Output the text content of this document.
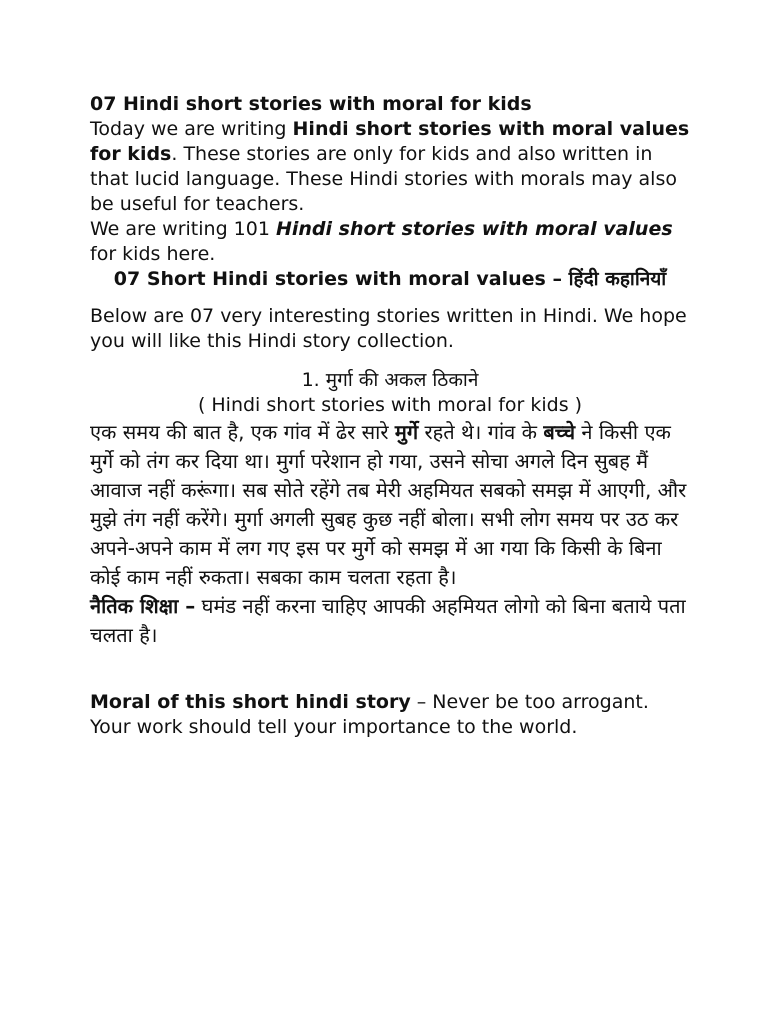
07 Hindi short stories with moral for kids

Today we are writing Hindi short stories with moral values for kids. These stories are only for kids and also written in that lucid language. These Hindi stories with morals may also be useful for teachers.

We are writing 101 Hindi short stories with moral values for kids here.

07 Short Hindi stories with moral values – हिंदी कहानियाँ

Below are 07 very interesting stories written in Hindi. We hope you will like this Hindi story collection.

1. मुर्गा की अकल ठिकाने

( Hindi short stories with moral for kids )

एक समय की बात है, एक गांव में ढेर सारे मुर्गे रहते थे। गांव के बच्चे ने किसी एक मुर्गे को तंग कर दिया था। मुर्गा परेशान हो गया, उसने सोचा अगले दिन सुबह मैं आवाज नहीं करूंगा। सब सोते रहेंगे तब मेरी अहमियत सबको समझ में आएगी, और मुझे तंग नहीं करेंगे। मुर्गा अगली सुबह कुछ नहीं बोला। सभी लोग समय पर उठ कर अपने-अपने काम में लग गए इस पर मुर्गे को समझ में आ गया कि किसी के बिना कोई काम नहीं रुकता। सबका काम चलता रहता है।

नैतिक शिक्षा – घमंड नहीं करना चाहिए आपकी अहमियत लोगो को बिना बताये पता चलता है।

Moral of this short hindi story – Never be too arrogant. Your work should tell your importance to the world.
